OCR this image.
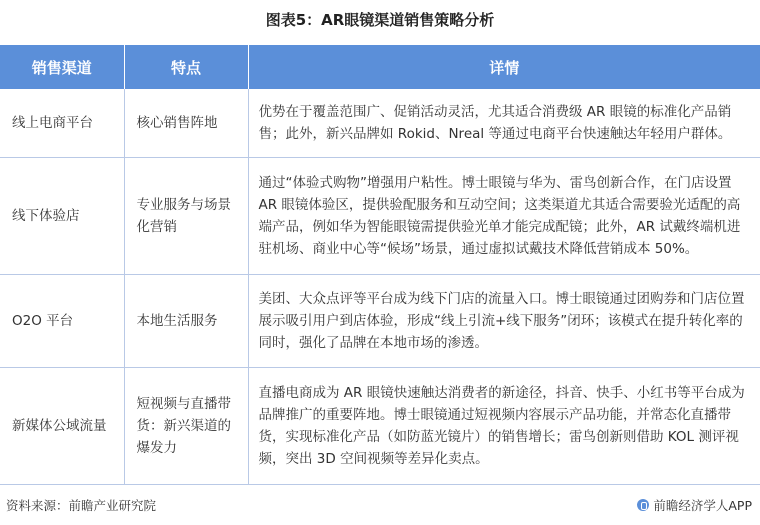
图表5：AR眼镜渠道销售策略分析
销售渠道	特点	详情
线上电商平台	核心销售阵地	优势在于覆盖范围广、促销活动灵活，尤其适合消费级 AR 眼镜的标准化产品销售；此外，新兴品牌如 Rokid、Nreal 等通过电商平台快速触达年轻用户群体。
线下体验店	专业服务与场景化营销	通过“体验式购物”增强用户粘性。博士眼镜与华为、雷鸟创新合作，在门店设置 AR 眼镜体验区，提供验配服务和互动空间；这类渠道尤其适合需要验光适配的高端产品，例如华为智能眼镜需提供验光单才能完成配镜；此外，AR 试戴终端机进驻机场、商业中心等“候场”场景，通过虚拟试戴技术降低营销成本 50%。
O2O 平台	本地生活服务	美团、大众点评等平台成为线下门店的流量入口。博士眼镜通过团购券和门店位置展示吸引用户到店体验，形成“线上引流+线下服务”闭环；该模式在提升转化率的同时，强化了品牌在本地市场的渗透。
新媒体公域流量	短视频与直播带货：新兴渠道的爆发力	直播电商成为 AR 眼镜快速触达消费者的新途径，抖音、快手、小红书等平台成为品牌推广的重要阵地。博士眼镜通过短视频内容展示产品功能，并常态化直播带货，实现标准化产品（如防蓝光镜片）的销售增长；雷鸟创新则借助 KOL 测评视频，突出 3D 空间视频等差异化卖点。
资料来源：前瞻产业研究院	前瞻经济学人APP
